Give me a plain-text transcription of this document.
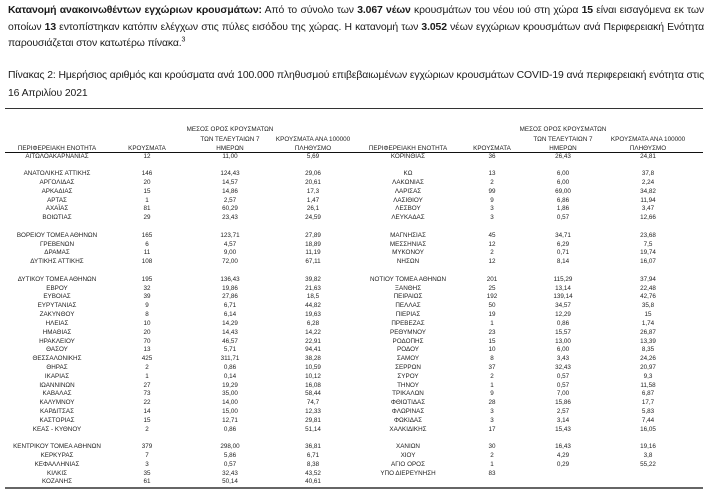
Κατανομή ανακοινωθέντων εγχώριων κρουσμάτων: Από το σύνολο των 3.067 νέων κρουσμάτων του νέου ιού στη χώρα 15 είναι εισαγόμενα εκ των οποίων 13 εντοπίστηκαν κατόπιν ελέγχων στις πύλες εισόδου της χώρας. Η κατανομή των 3.052 νέων εγχώριων κρουσμάτων ανά Περιφερειακή Ενότητα παρουσιάζεται στον κατωτέρω πίνακα.$^3$
Πίνακας 2: Ημερήσιος αριθμός και κρούσματα ανά 100.000 πληθυσμού επιβεβαιωμένων εγχώριων κρουσμάτων COVID-19 ανά περιφερειακή ενότητα στις 16 Απριλίου 2021
ΠΕΡΙΦΕΡΕΙΑΚΗ ΕΝΟΤΗΤΑ	ΚΡΟΥΣΜΑΤΑ
ΜΕΣΟΣ ΟΡΟΣ ΚΡΟΥΣΜΑΤΩΝ
ΤΩΝ ΤΕΛΕΥΤΑΙΩΝ 7
ΗΜΕΡΩΝ
ΚΡΟΥΣΜΑΤΑ ΑΝΑ 100000
ΠΛΗΘΥΣΜΟ	ΠΕΡΙΦΕΡΕΙΑΚΗ ΕΝΟΤΗΤΑ	ΚΡΟΥΣΜΑΤΑ
ΜΕΣΟΣ ΟΡΟΣ ΚΡΟΥΣΜΑΤΩΝ
ΤΩΝ ΤΕΛΕΥΤΑΙΩΝ 7
ΗΜΕΡΩΝ
ΚΡΟΥΣΜΑΤΑ ΑΝΑ 100000
ΠΛΗΘΥΣΜΟ
ΑΙΤΩΛΟΑΚΑΡΝΑΝΙΑΣ	12	11,00	5,69
ΑΝΑΤΟΛΙΚΗΣ ΑΤΤΙΚΗΣ	146	124,43	29,06
ΑΡΓΟΛΙΔΑΣ	20	14,57	20,61
ΑΡΚΑΔΙΑΣ	15	14,86	17,3
ΑΡΤΑΣ	1	2,57	1,47
ΑΧΑΪΑΣ	81	60,29	26,1
ΒΟΙΩΤΙΑΣ	29	23,43	24,59
ΒΟΡΕΙΟΥ ΤΟΜΕΑ ΑΘΗΝΩΝ	165	123,71	27,89
ΓΡΕΒΕΝΩΝ	6	4,57	18,89
ΔΡΑΜΑΣ	11	9,00	11,19
ΔΥΤΙΚΗΣ ΑΤΤΙΚΗΣ	108	72,00	67,11
ΔΥΤΙΚΟΥ ΤΟΜΕΑ ΑΘΗΝΩΝ	195	136,43	39,82
ΕΒΡΟΥ	32	19,86	21,63
ΕΥΒΟΙΑΣ	39	27,86	18,5
ΕΥΡΥΤΑΝΙΑΣ	9	6,71	44,82
ΖΑΚΥΝΘΟΥ	8	6,14	19,63
ΗΛΕΙΑΣ	10	14,29	6,28
ΗΜΑΘΙΑΣ	20	14,43	14,22
ΗΡΑΚΛΕΙΟΥ	70	46,57	22,91
ΘΑΣΟΥ	13	5,71	94,41
ΘΕΣΣΑΛΟΝΙΚΗΣ	425	311,71	38,28
ΘΗΡΑΣ	2	0,86	10,59
ΙΚΑΡΙΑΣ	1	0,14	10,12
ΙΩΑΝΝΙΝΩΝ	27	19,29	16,08
ΚΑΒΑΛΑΣ	73	35,00	58,44
ΚΑΛΥΜΝΟΥ	22	14,00	74,7
ΚΑΡΔΙΤΣΑΣ	14	15,00	12,33
ΚΑΣΤΟΡΙΑΣ	15	12,71	29,81
ΚΕΑΣ - ΚΥΘΝΟΥ	2	0,86	51,14
ΚΕΝΤΡΙΚΟΥ ΤΟΜΕΑ ΑΘΗΝΩΝ	379	298,00	36,81
ΚΕΡΚΥΡΑΣ	7	5,86	6,71
ΚΕΦΑΛΛΗΝΙΑΣ	3	0,57	8,38
ΚΙΛΚΙΣ	35	32,43	43,52
ΚΟΖΑΝΗΣ	61	50,14	40,61
ΚΟΡΙΝΘΙΑΣ	36	26,43	24,81
ΚΩ	13	6,00	37,8
ΛΑΚΩΝΙΑΣ	2	6,00	2,24
ΛΑΡΙΣΑΣ	99	69,00	34,82
ΛΑΣΙΘΙΟΥ	9	6,86	11,94
ΛΕΣΒΟΥ	3	1,86	3,47
ΛΕΥΚΑΔΑΣ	3	0,57	12,66
ΜΑΓΝΗΣΙΑΣ	45	34,71	23,68
ΜΕΣΣΗΝΙΑΣ	12	6,29	7,5
ΜΥΚΟΝΟΥ	2	0,71	19,74
ΝΗΣΩΝ	12	8,14	16,07
ΝΟΤΙΟΥ ΤΟΜΕΑ ΑΘΗΝΩΝ	201	115,29	37,94
ΞΑΝΘΗΣ	25	13,14	22,48
ΠΕΙΡΑΙΩΣ	192	139,14	42,76
ΠΕΛΛΑΣ	50	34,57	35,8
ΠΙΕΡΙΑΣ	19	12,29	15
ΠΡΕΒΕΖΑΣ	1	0,86	1,74
ΡΕΘΥΜΝΟΥ	23	15,57	26,87
ΡΟΔΟΠΗΣ	15	13,00	13,39
ΡΟΔΟΥ	10	6,00	8,35
ΣΑΜΟΥ	8	3,43	24,26
ΣΕΡΡΩΝ	37	32,43	20,97
ΣΥΡΟΥ	2	0,57	9,3
ΤΗΝΟΥ	1	0,57	11,58
ΤΡΙΚΑΛΩΝ	9	7,00	6,87
ΦΘΙΩΤΙΔΑΣ	28	15,86	17,7
ΦΛΩΡΙΝΑΣ	3	2,57	5,83
ΦΩΚΙΔΑΣ	3	3,14	7,44
ΧΑΛΚΙΔΙΚΗΣ	17	15,43	16,05
ΧΑΝΙΩΝ	30	16,43	19,16
ΧΙΟΥ	2	4,29	3,8
ΑΓΙΟ ΟΡΟΣ	1	0,29	55,22
ΥΠΟ ΔΙΕΡΕΥΝΗΣΗ	83
